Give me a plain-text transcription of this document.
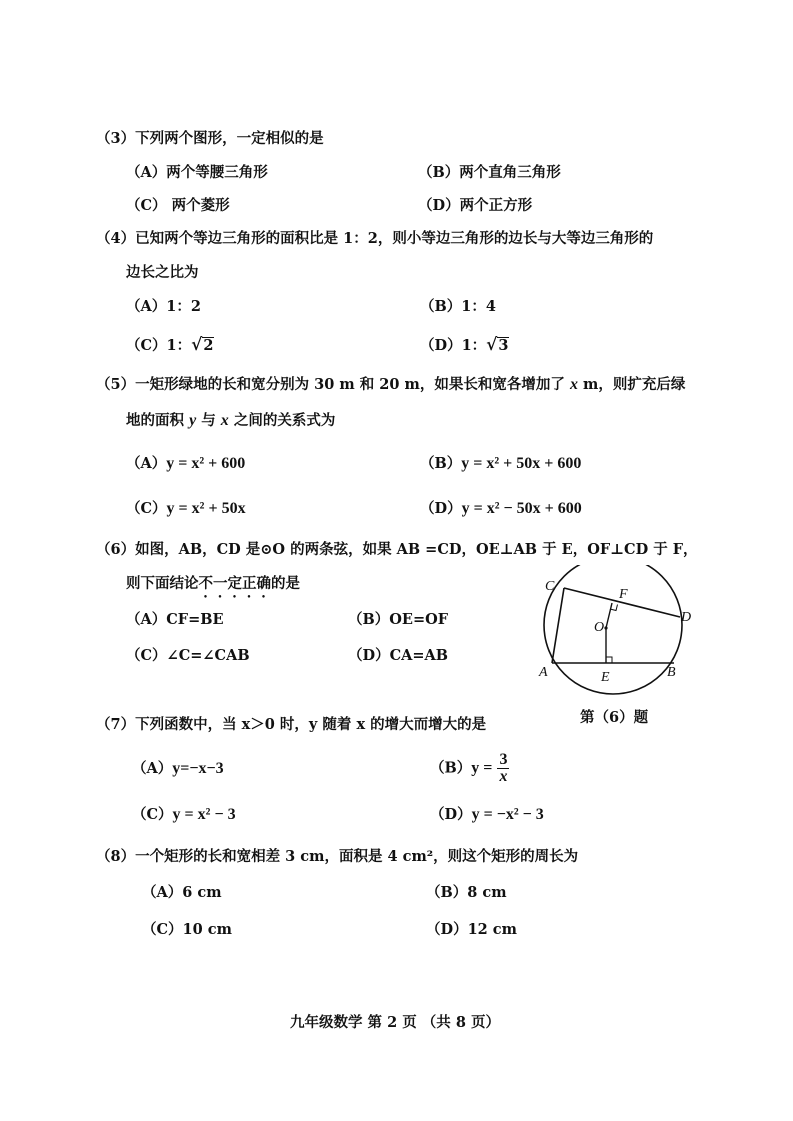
（3）下列两个图形，一定相似的是
（A）两个等腰三角形	（B）两个直角三角形
（C） 两个菱形	（D）两个正方形
（4）已知两个等边三角形的面积比是 1：2，则小等边三角形的边长与大等边三角形的
边长之比为
（A）1：2	（B）1：4
（C）1：√2	（D）1：√3
（5）一矩形绿地的长和宽分别为 30 m 和 20 m，如果长和宽各增加了 x m，则扩充后绿
地的面积 y 与 x 之间的关系式为
（A）y = x² + 600	（B）y = x² + 50x + 600
（C）y = x² + 50x	（D）y = x² − 50x + 600
（6）如图，AB，CD 是⊙O 的两条弦，如果 AB =CD，OE⊥AB 于 E，OF⊥CD 于 F，
则下面结论不一定正确的是
（A）CF=BE	（B）OE=OF
（C）∠C=∠CAB	（D）CA=AB
C
F
D
O
A	E	B
第（6）题
（7）下列函数中，当 x＞0 时，y 随着 x 的增大而增大的是
（A）y=−x−3	$(B)y = \frac{3}{x}$
（C）y = x² − 3	（D）y = −x² − 3
（8）一个矩形的长和宽相差 3 cm，面积是 4 cm²，则这个矩形的周长为
（A）6 cm	（B）8 cm
（C）10 cm	（D）12 cm
九年级数学 第 2 页 （共 8 页）
